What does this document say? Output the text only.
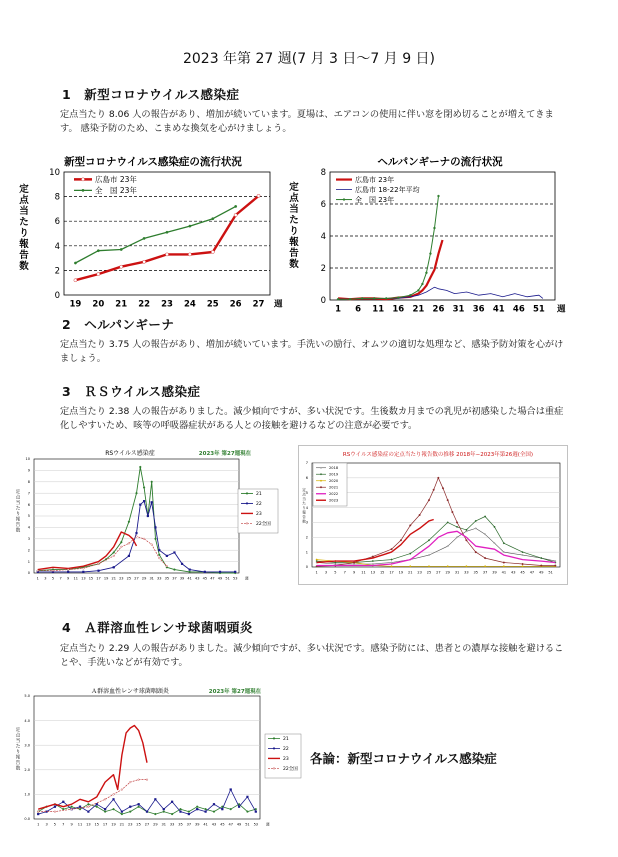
2023 年第 27 週(7 月 3 日～7 月 9 日)
1　新型コロナウイルス感染症
定点当たり 8.06 人の報告があり、増加が続いています。夏場は、エアコンの使用に伴い窓を閉め切ることが増えてきます。 感染予防のため、こまめな換気を心がけましょう。
新型コロナウイルス感染症の流行状況
0
2
4
6
8
10
19 20 21 22 23 24 25 26 27 週
定
点
当
た
り
報
告
数
広島市 23年
全　国 23年
ヘルパンギーナの流行状況
0
2
4
6
8
1 6 11 16 21 26 31 36 41 46 51 週
定
点
当
た
り
報
告
数
広島市 23年
広島市 18-22年平均
全　国 23年
2　ヘルパンギーナ
定点当たり 3.75 人の報告があり、増加が続いています。手洗いの励行、オムツの適切な処理など、感染予防対策を心がけましょう。
3　ＲＳウイルス感染症
定点当たり 2.38 人の報告がありました。減少傾向ですが、多い状況です。生後数カ月までの乳児が初感染した場合は重症化しやすいため、咳等の呼吸器症状がある人との接触を避けるなどの注意が必要です。
RSウイルス感染症	2023年 第27週現在
0
1
2
3
4
5
6
7
8
9
10
1 3 5 7 9 11 13 15 17 19 21 23 25 27 29 31 33 35 37 39 41 43 45 47 49 51 53 週
定
点
当
た
り
報
告
数
21
22
23
22全国
RSウイルス感染症の定点当たり報告数の推移 2018年−2023年第26週(全国)
0
1
2
3
4
5
6
7
1 3 5 7 9 11 13 15 17 19 21 23 25 27 29 31 33 35 37 39 41 43 45 47 49 51
2018
2019
2020
2021
2022
2023
定
点
当
た
り
報
告
数
4　Ａ群溶血性レンサ球菌咽頭炎
定点当たり 2.29 人の報告がありました。減少傾向ですが、多い状況です。感染予防には、患者との濃厚な接触を避けることや、手洗いなどが有効です。
Ａ群溶血性レンサ球菌咽頭炎	2023年 第27週現在
0.0
1.0
2.0
3.0
4.0
5.0
1 3 5 7 9 11 13 15 17 19 21 23 25 27 29 31 33 35 37 39 41 43 45 47 49 51 53 週
定
点
当
た
り
報
告
数
21
22
23
22全国
各論：新型コロナウイルス感染症
